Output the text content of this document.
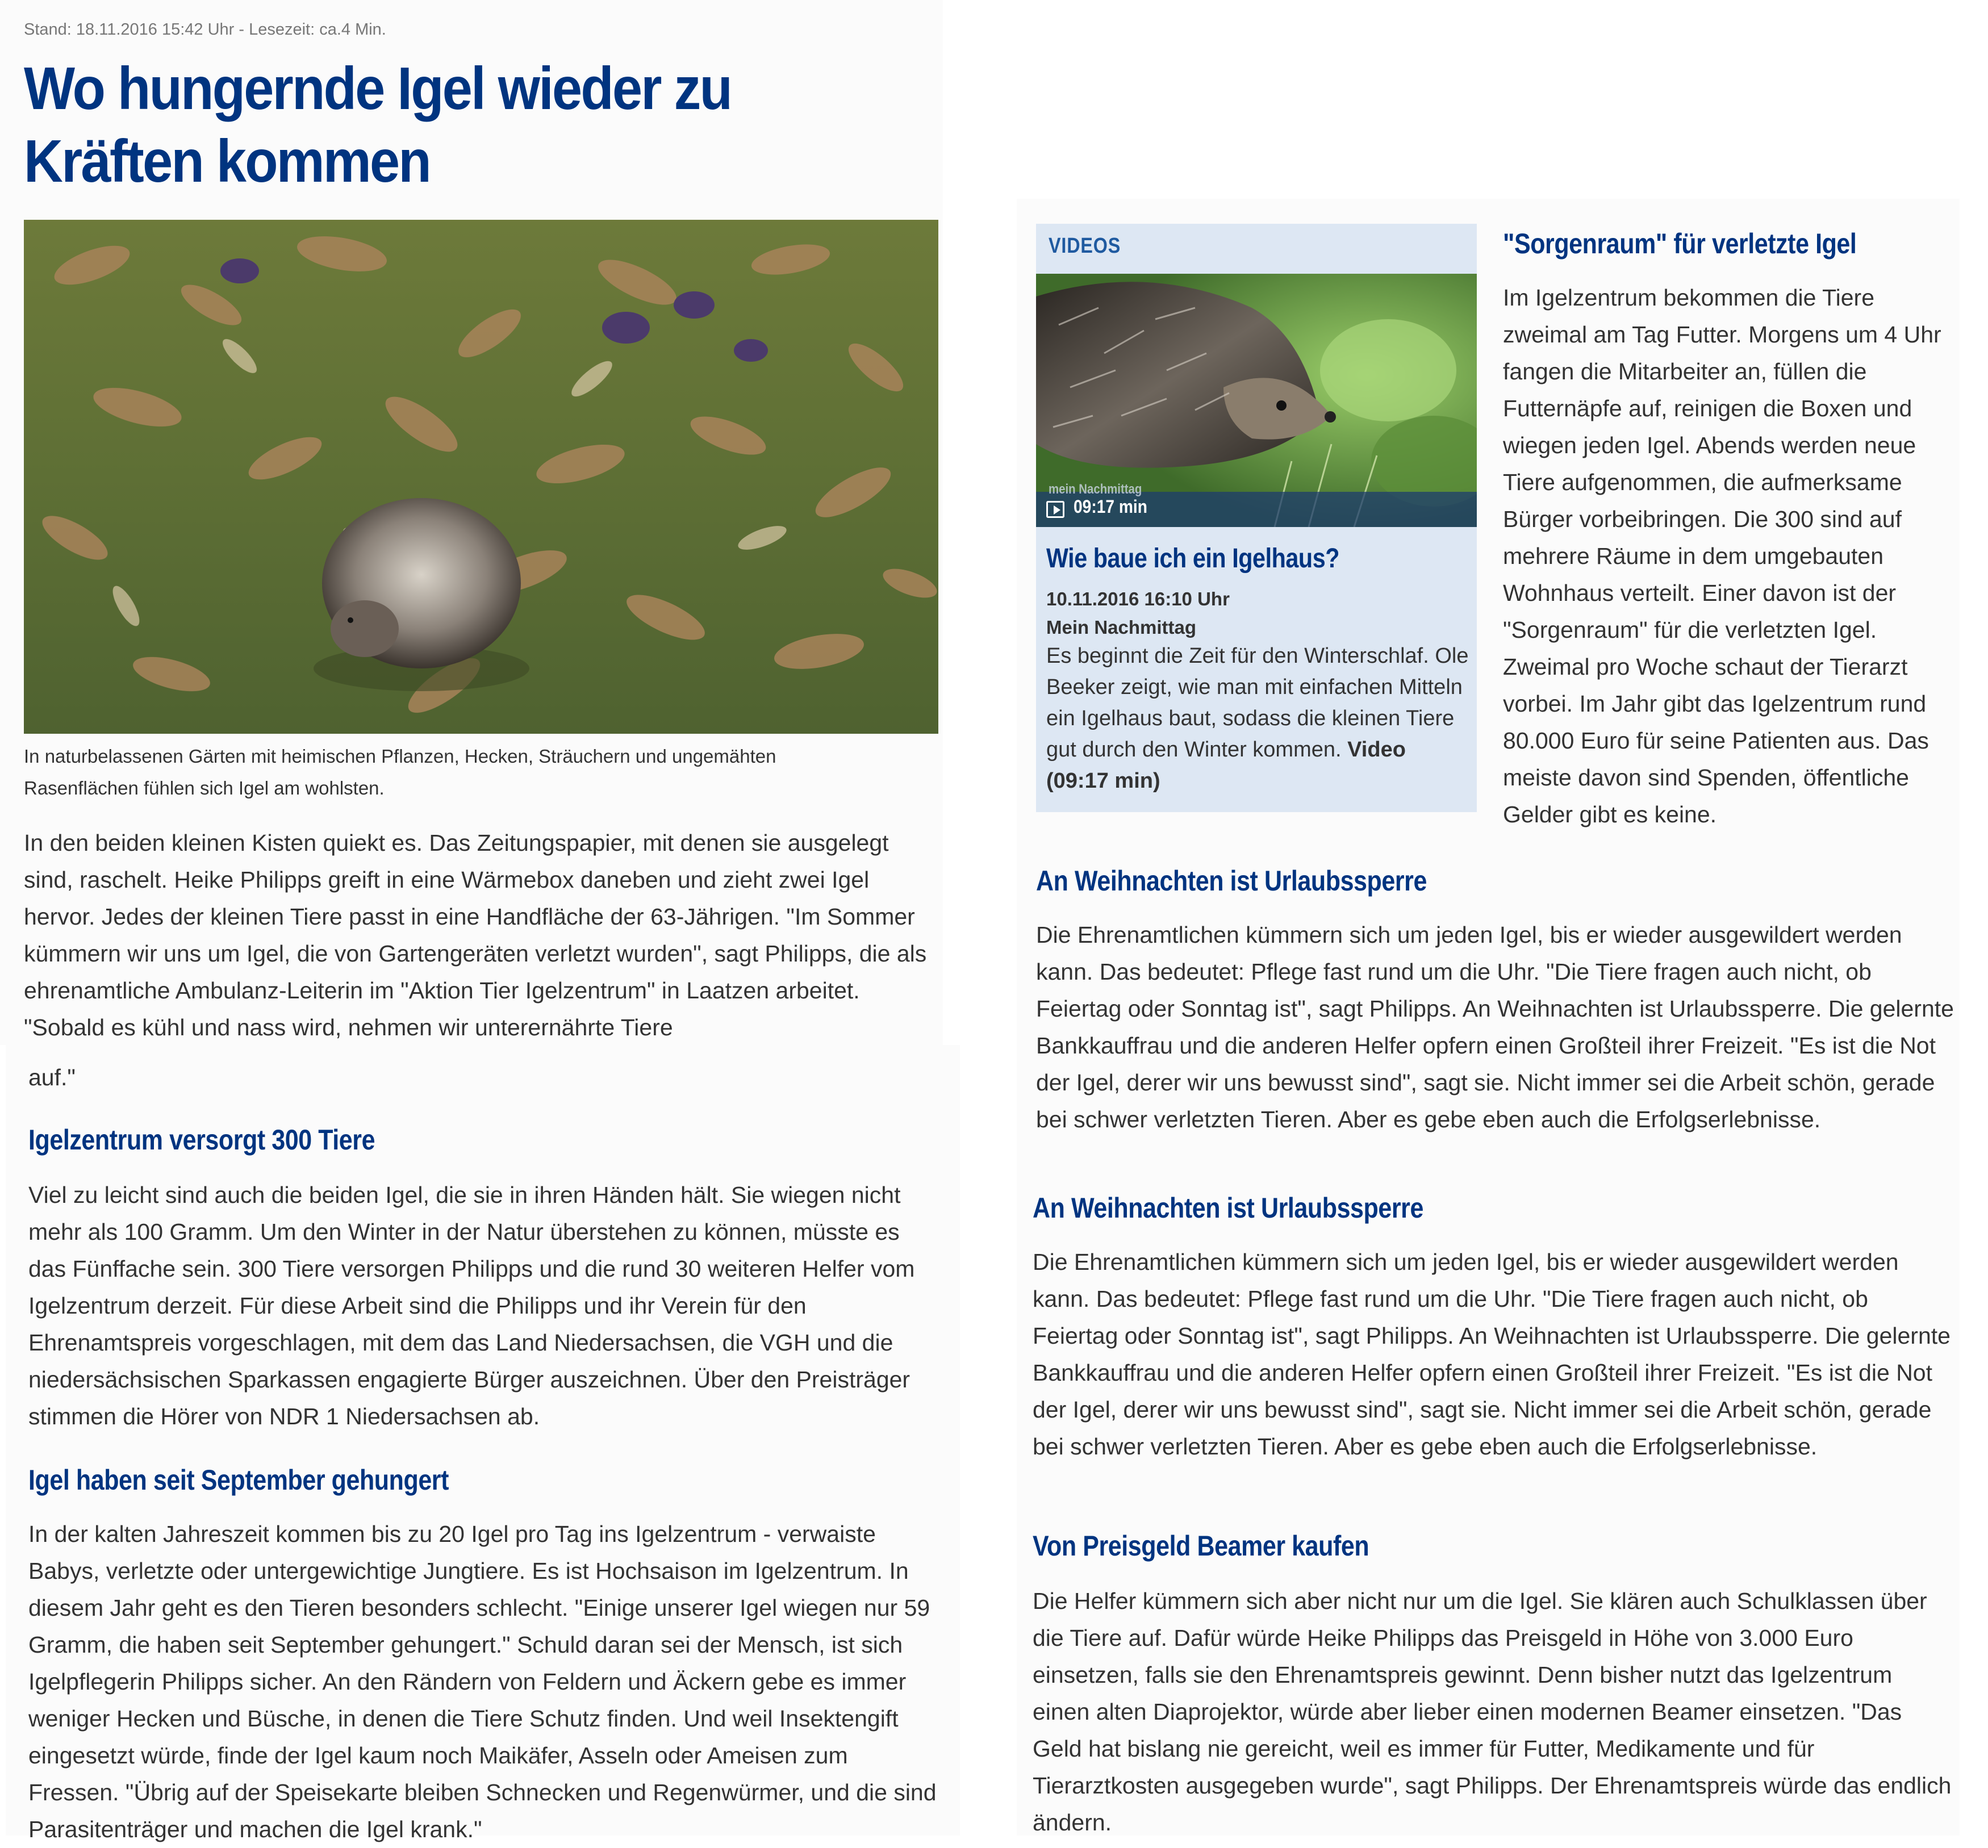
Stand: 18.11.2016 15:42 Uhr - Lesezeit: ca.4 Min.
Wo hungernde Igel wieder zu Kräften kommen
In naturbelassenen Gärten mit heimischen Pflanzen, Hecken, Sträuchern und ungemähten Rasenflächen fühlen sich Igel am wohlsten.

In den beiden kleinen Kisten quiekt es. Das Zeitungspapier, mit denen sie ausgelegt sind, raschelt. Heike Philipps greift in eine Wärmebox daneben und zieht zwei Igel hervor. Jedes der kleinen Tiere passt in eine Handfläche der 63-Jährigen. "Im Sommer kümmern wir uns um Igel, die von Gartengeräten verletzt wurden", sagt Philipps, die als ehrenamtliche Ambulanz-Leiterin im "Aktion Tier Igelzentrum" in Laatzen arbeitet. "Sobald es kühl und nass wird, nehmen wir unterernährte Tiere

auf."
Igelzentrum versorgt 300 Tiere
Viel zu leicht sind auch die beiden Igel, die sie in ihren Händen hält. Sie wiegen nicht mehr als 100 Gramm. Um den Winter in der Natur überstehen zu können, müsste es das Fünffache sein. 300 Tiere versorgen Philipps und die rund 30 weiteren Helfer vom Igelzentrum derzeit. Für diese Arbeit sind die Philipps und ihr Verein für den Ehrenamtspreis vorgeschlagen, mit dem das Land Niedersachsen, die VGH und die niedersächsischen Sparkassen engagierte Bürger auszeichnen. Über den Preisträger stimmen die Hörer von NDR 1 Niedersachsen ab.
Igel haben seit September gehungert
In der kalten Jahreszeit kommen bis zu 20 Igel pro Tag ins Igelzentrum - verwaiste Babys, verletzte oder untergewichtige Jungtiere. Es ist Hochsaison im Igelzentrum. In diesem Jahr geht es den Tieren besonders schlecht. "Einige unserer Igel wiegen nur 59 Gramm, die haben seit September gehungert." Schuld daran sei der Mensch, ist sich Igelpflegerin Philipps sicher. An den Rändern von Feldern und Äckern gebe es immer weniger Hecken und Büsche, in denen die Tiere Schutz finden. Und weil Insektengift eingesetzt würde, finde der Igel kaum noch Maikäfer, Asseln oder Ameisen zum Fressen. "Übrig auf der Speisekarte bleiben Schnecken und Regenwürmer, und die sind Parasitenträger und machen die Igel krank."
VIDEOS
mein Nachmittag
09:17 min
Wie baue ich ein Igelhaus?
10.11.2016 16:10 Uhr
Mein Nachmittag
Es beginnt die Zeit für den Winterschlaf. Ole Beeker zeigt, wie man mit einfachen Mitteln ein Igelhaus baut, sodass die kleinen Tiere gut durch den Winter kommen. Video (09:17 min)
"Sorgenraum" für verletzte Igel
Im Igelzentrum bekommen die Tiere zweimal am Tag Futter. Morgens um 4 Uhr fangen die Mitarbeiter an, füllen die Futternäpfe auf, reinigen die Boxen und wiegen jeden Igel. Abends werden neue Tiere aufgenommen, die aufmerksame Bürger vorbeibringen. Die 300 sind auf mehrere Räume in dem umgebauten Wohnhaus verteilt. Einer davon ist der "Sorgenraum" für die verletzten Igel. Zweimal pro Woche schaut der Tierarzt vorbei. Im Jahr gibt das Igelzentrum rund 80.000 Euro für seine Patienten aus. Das meiste davon sind Spenden, öffentliche Gelder gibt es keine.
An Weihnachten ist Urlaubssperre
Die Ehrenamtlichen kümmern sich um jeden Igel, bis er wieder ausgewildert werden kann. Das bedeutet: Pflege fast rund um die Uhr. "Die Tiere fragen auch nicht, ob Feiertag oder Sonntag ist", sagt Philipps. An Weihnachten ist Urlaubssperre. Die gelernte Bankkauffrau und die anderen Helfer opfern einen Großteil ihrer Freizeit. "Es ist die Not der Igel, derer wir uns bewusst sind", sagt sie. Nicht immer sei die Arbeit schön, gerade bei schwer verletzten Tieren. Aber es gebe eben auch die Erfolgserlebnisse.
An Weihnachten ist Urlaubssperre
Die Ehrenamtlichen kümmern sich um jeden Igel, bis er wieder ausgewildert werden kann. Das bedeutet: Pflege fast rund um die Uhr. "Die Tiere fragen auch nicht, ob Feiertag oder Sonntag ist", sagt Philipps. An Weihnachten ist Urlaubssperre. Die gelernte Bankkauffrau und die anderen Helfer opfern einen Großteil ihrer Freizeit. "Es ist die Not der Igel, derer wir uns bewusst sind", sagt sie. Nicht immer sei die Arbeit schön, gerade bei schwer verletzten Tieren. Aber es gebe eben auch die Erfolgserlebnisse.
Von Preisgeld Beamer kaufen
Die Helfer kümmern sich aber nicht nur um die Igel. Sie klären auch Schulklassen über die Tiere auf. Dafür würde Heike Philipps das Preisgeld in Höhe von 3.000 Euro einsetzen, falls sie den Ehrenamtspreis gewinnt. Denn bisher nutzt das Igelzentrum einen alten Diaprojektor, würde aber lieber einen modernen Beamer einsetzen. "Das Geld hat bislang nie gereicht, weil es immer für Futter, Medikamente und für Tierarztkosten ausgegeben wurde", sagt Philipps. Der Ehrenamtspreis würde das endlich ändern.
